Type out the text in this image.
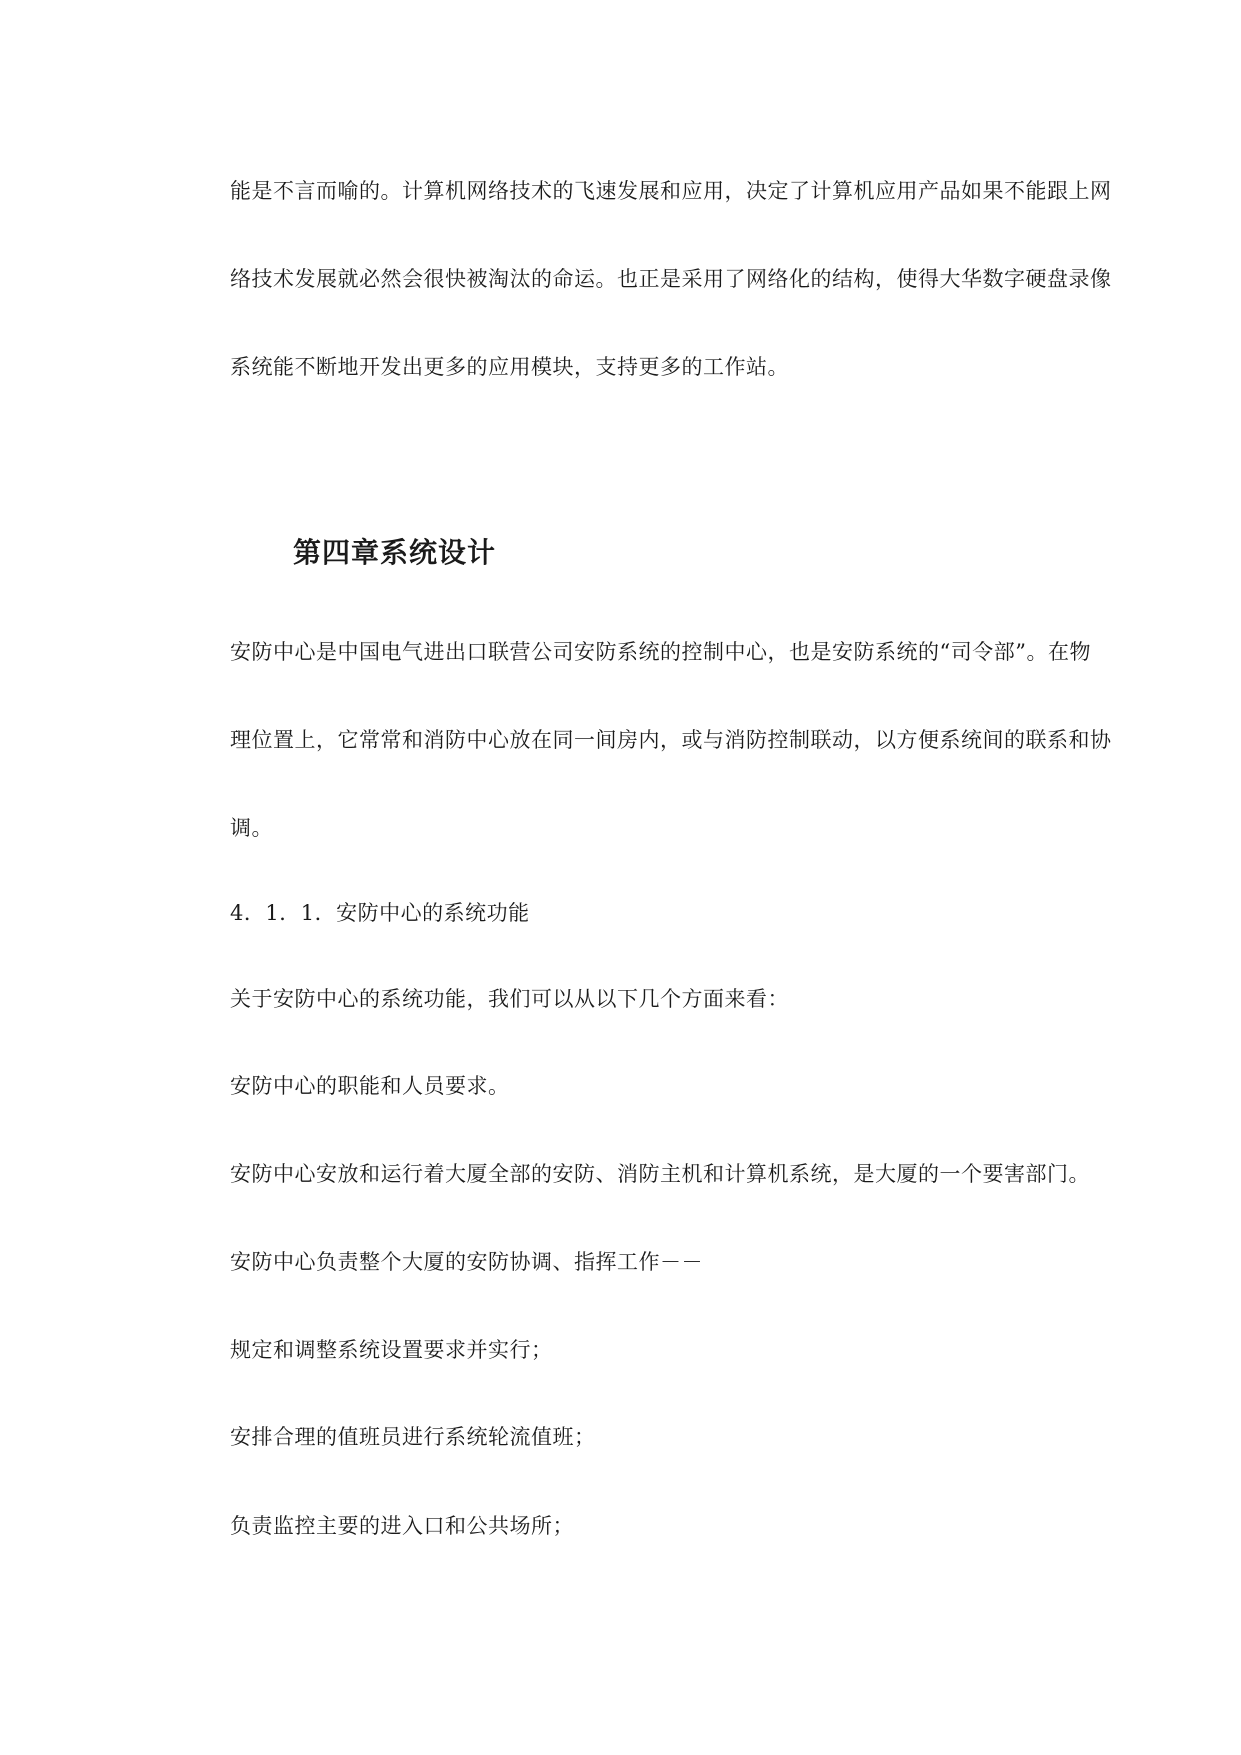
能是不言而喻的。计算机网络技术的飞速发展和应用，决定了计算机应用产品如果不能跟上网
络技术发展就必然会很快被淘汰的命运。也正是采用了网络化的结构，使得大华数字硬盘录像
系统能不断地开发出更多的应用模块，支持更多的工作站。
第四章系统设计
安防中心是中国电气进出口联营公司安防系统的控制中心，也是安防系统的“司令部”。在物
理位置上，它常常和消防中心放在同一间房内，或与消防控制联动，以方便系统间的联系和协
调。
4．1．1．安防中心的系统功能
关于安防中心的系统功能，我们可以从以下几个方面来看：
安防中心的职能和人员要求。
安防中心安放和运行着大厦全部的安防、消防主机和计算机系统，是大厦的一个要害部门。
安防中心负责整个大厦的安防协调、指挥工作－－
规定和调整系统设置要求并实行；
安排合理的值班员进行系统轮流值班；
负责监控主要的进入口和公共场所；
